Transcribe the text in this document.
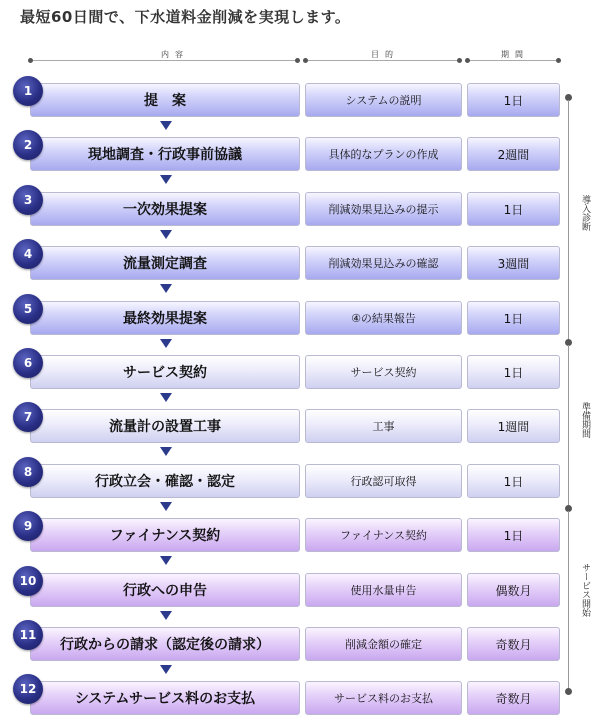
最短60日間で、下水道料金削減を実現します。
内容	目的	期間
提　案	システムの説明	1日
1
現地調査・行政事前協議	具体的なプランの作成	2週間
2
一次効果提案	削減効果見込みの提示	1日
3
流量測定調査	削減効果見込みの確認	3週間
4
最終効果提案	④の結果報告	1日
5
サービス契約	サービス契約	1日
6
流量計の設置工事	工事	1週間
7
行政立会・確認・認定	行政認可取得	1日
8
ファイナンス契約	ファイナンス契約	1日
9
行政への申告	使用水量申告	偶数月
10
行政からの請求（認定後の請求）	削減金額の確定	奇数月
11
システムサービス料のお支払	サービス料のお支払	奇数月
12
導入診断
準備期間
サービス開始
